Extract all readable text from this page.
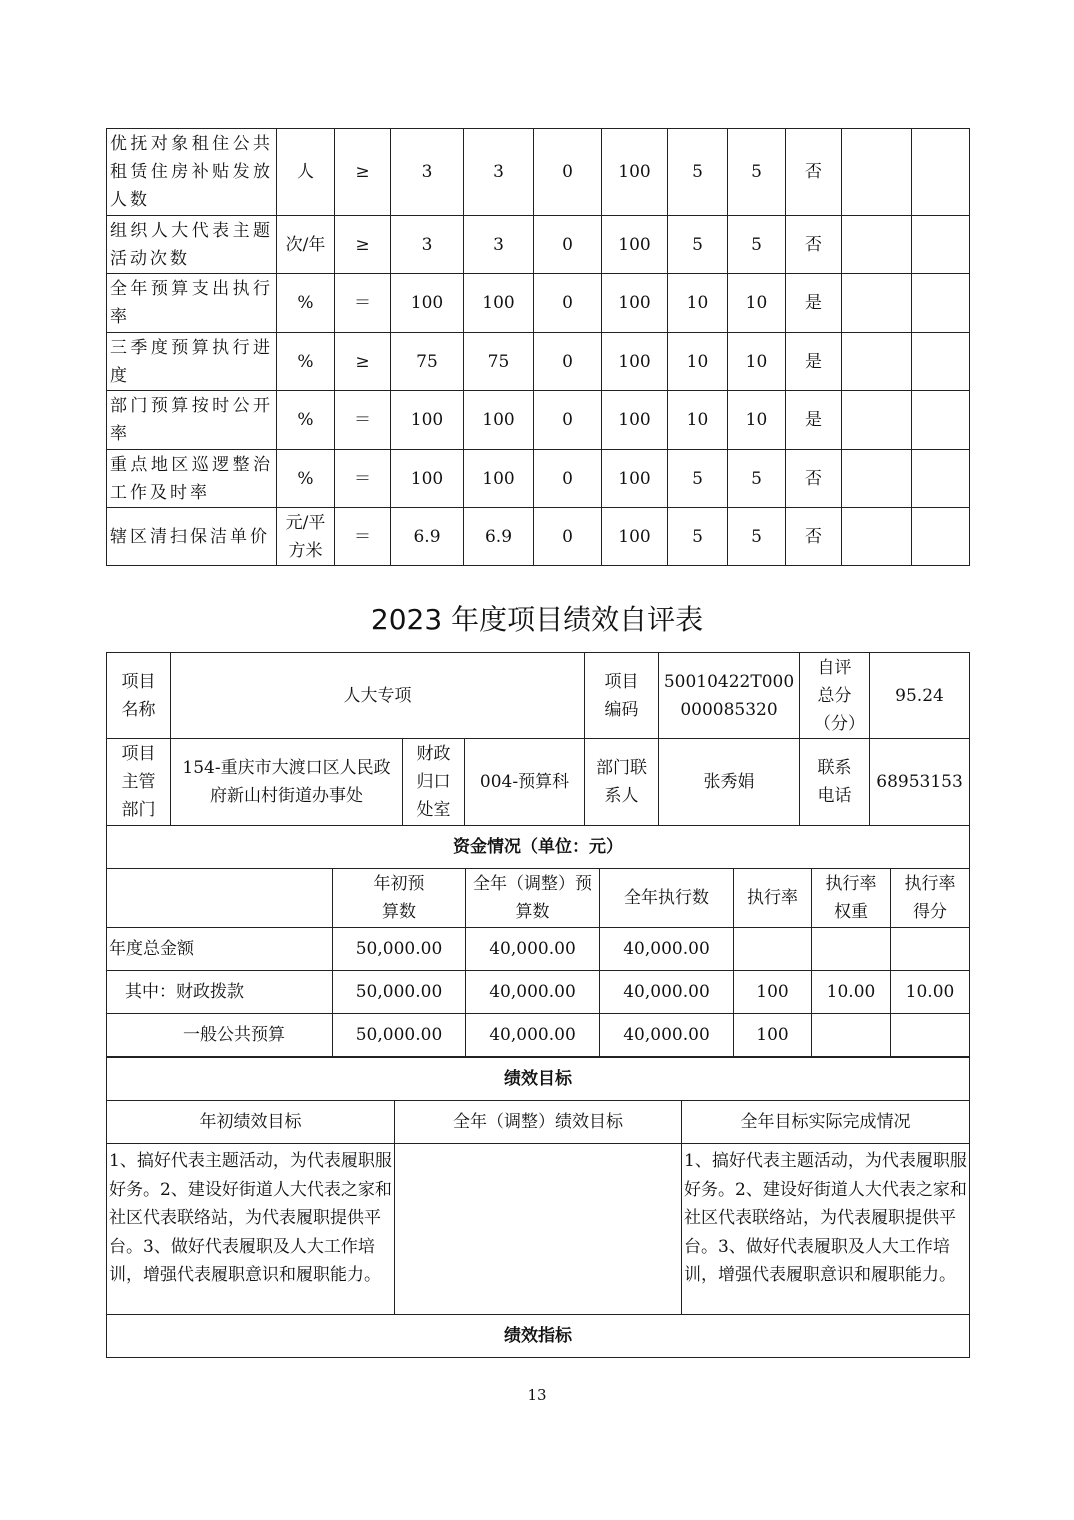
优抚对象租住公共租赁住房补贴发放人数	人	≥	3	3	0	100	5	5	否		
组织人大代表主题活动次数	次/年	≥	3	3	0	100	5	5	否		
全年预算支出执行率	%	＝	100	100	0	100	10	10	是		
三季度预算执行进度	%	≥	75	75	0	100	10	10	是		
部门预算按时公开率	%	＝	100	100	0	100	10	10	是		
重点地区巡逻整治工作及时率	%	＝	100	100	0	100	5	5	否		
辖区清扫保洁单价	元/平方米	＝	6.9	6.9	0	100	5	5	否		
2023 年度项目绩效自评表
项目名称	人大专项			项目编码	50010422T000000085320	自评总分（分）	95.24
项目主管部门	154-重庆市大渡口区人民政府新山村街道办事处	财政归口处室	004-预算科	部门联系人	张秀娟	联系电话	68953153
资金情况（单位：元）							
	年初预算数	全年（调整）预算数	全年执行数	执行率	执行率权重	执行率得分
年度总金额	50,000.00	40,000.00	40,000.00			
其中：财政拨款	50,000.00	40,000.00	40,000.00	100	10.00	10.00
一般公共预算	50,000.00	40,000.00	40,000.00	100		
绩效目标		
年初绩效目标	全年（调整）绩效目标	全年目标实际完成情况
1、搞好代表主题活动，为代表履职服好务。2、建设好街道人大代表之家和社区代表联络站，为代表履职提供平台。3、做好代表履职及人大工作培训，增强代表履职意识和履职能力。		1、搞好代表主题活动，为代表履职服好务。2、建设好街道人大代表之家和社区代表联络站，为代表履职提供平台。3、做好代表履职及人大工作培训，增强代表履职意识和履职能力。
绩效指标		
13
